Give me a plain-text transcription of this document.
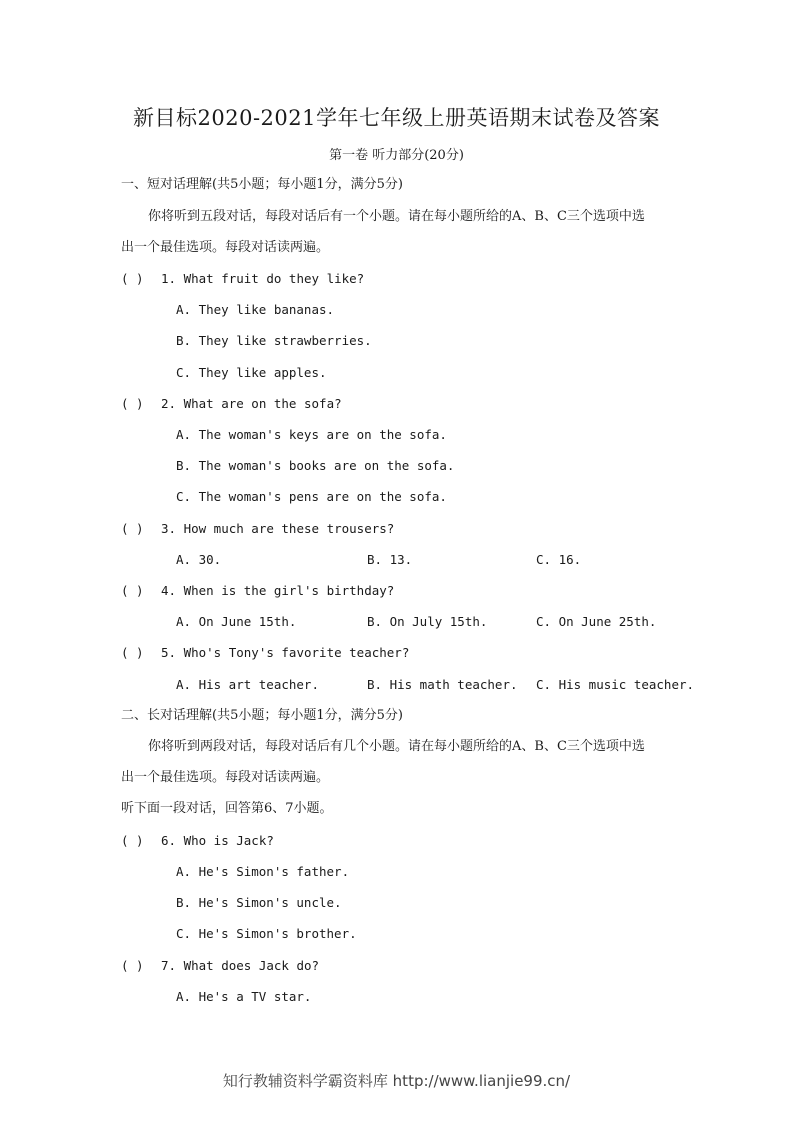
新目标2020-2021学年七年级上册英语期末试卷及答案
第一卷 听力部分(20分)
一、短对话理解(共5小题；每小题1分，满分5分)
你将听到五段对话，每段对话后有一个小题。请在每小题所给的A、B、C三个选项中选
出一个最佳选项。每段对话读两遍。
( ) 1. What fruit do they like?
A. They like bananas.
B. They like strawberries.
C. They like apples.
( ) 2. What are on the sofa?
A. The woman's keys are on the sofa.
B. The woman's books are on the sofa.
C. The woman's pens are on the sofa.
( ) 3. How much are these trousers?
A. 30.	B. 13.	C. 16.
( ) 4. When is the girl's birthday?
A. On June 15th.	B. On July 15th.	C. On June 25th.
( ) 5. Who's Tony's favorite teacher?
A. His art teacher.	B. His math teacher. C. His music teacher.
二、长对话理解(共5小题；每小题1分，满分5分)
你将听到两段对话，每段对话后有几个小题。请在每小题所给的A、B、C三个选项中选
出一个最佳选项。每段对话读两遍。
听下面一段对话，回答第6、7小题。
( ) 6. Who is Jack?
A. He's Simon's father.
B. He's Simon's uncle.
C. He's Simon's brother.
( ) 7. What does Jack do?
A. He's a TV star.
知行教辅资料学霸资料库 http://www.lianjie99.cn/
